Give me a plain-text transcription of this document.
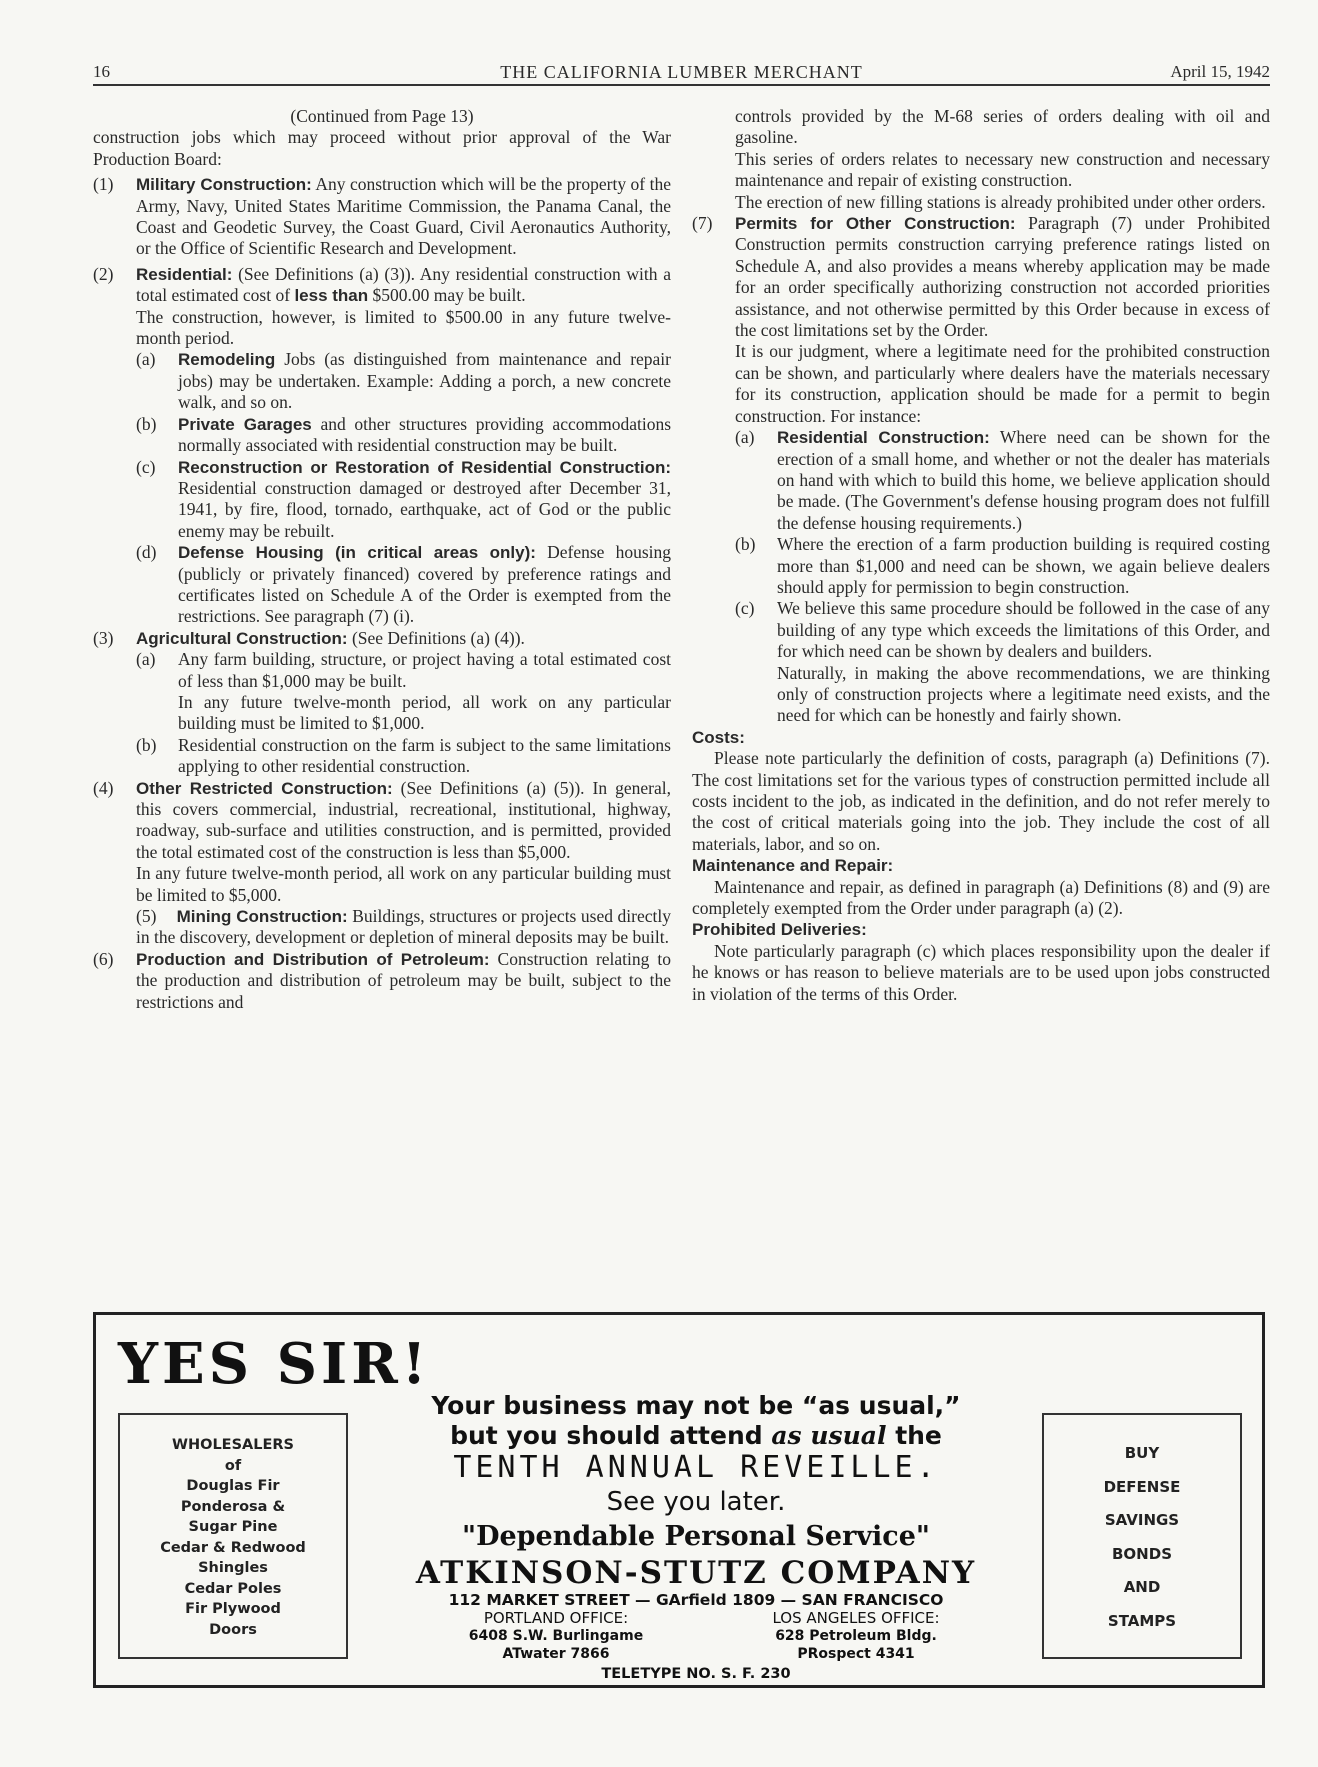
16	THE CALIFORNIA LUMBER MERCHANT	April 15, 1942

(Continued from Page 13)

construction jobs which may proceed without prior approval of the War Production Board:

(1) Military Construction: Any construction which will be the property of the Army, Navy, United States Maritime Commission, the Panama Canal, the Coast and Geodetic Survey, the Coast Guard, Civil Aeronautics Authority, or the Office of Scientific Research and Development.

(2) Residential: (See Definitions (a) (3)). Any residential construction with a total estimated cost of less than $500.00 may be built.

The construction, however, is limited to $500.00 in any future twelve-month period.

(a) Remodeling Jobs (as distinguished from maintenance and repair jobs) may be undertaken. Example: Adding a porch, a new concrete walk, and so on.
(b) Private Garages and other structures providing accommodations normally associated with residential construction may be built.
(c) Reconstruction or Restoration of Residential Construction: Residential construction damaged or destroyed after December 31, 1941, by fire, flood, tornado, earthquake, act of God or the public enemy may be rebuilt.
(d) Defense Housing (in critical areas only): Defense housing (publicly or privately financed) covered by preference ratings and certificates listed on Schedule A of the Order is exempted from the restrictions. See paragraph (7) (i).
(3) Agricultural Construction: (See Definitions (a) (4)).
(a) Any farm building, structure, or project having a total estimated cost of less than $1,000 may be built.

In any future twelve-month period, all work on any particular building must be limited to $1,000.

(b) Residential construction on the farm is subject to the same limitations applying to other residential construction.
(4) Other Restricted Construction: (See Definitions (a) (5)). In general, this covers commercial, industrial, recreational, institutional, highway, roadway, sub-surface and utilities construction, and is permitted, provided the total estimated cost of the construction is less than $5,000.

In any future twelve-month period, all work on any particular building must be limited to $5,000.

(5) Mining Construction: Buildings, structures or projects used directly in the discovery, development or depletion of mineral deposits may be built.
(6) Production and Distribution of Petroleum: Construction relating to the production and distribution of petroleum may be built, subject to the restrictions and

controls provided by the M-68 series of orders dealing with oil and gasoline.

This series of orders relates to necessary new construction and necessary maintenance and repair of existing construction.

The erection of new filling stations is already prohibited under other orders.

(7) Permits for Other Construction: Paragraph (7) under Prohibited Construction permits construction carrying preference ratings listed on Schedule A, and also provides a means whereby application may be made for an order specifically authorizing construction not accorded priorities assistance, and not otherwise permitted by this Order because in excess of the cost limitations set by the Order.

It is our judgment, where a legitimate need for the prohibited construction can be shown, and particularly where dealers have the materials necessary for its construction, application should be made for a permit to begin construction. For instance:

(a) Residential Construction: Where need can be shown for the erection of a small home, and whether or not the dealer has materials on hand with which to build this home, we believe application should be made. (The Government's defense housing program does not fulfill the defense housing requirements.)
(b) Where the erection of a farm production building is required costing more than $1,000 and need can be shown, we again believe dealers should apply for permission to begin construction.
(c) We believe this same procedure should be followed in the case of any building of any type which exceeds the limitations of this Order, and for which need can be shown by dealers and builders.

Naturally, in making the above recommendations, we are thinking only of construction projects where a legitimate need exists, and the need for which can be honestly and fairly shown.

Costs:

Please note particularly the definition of costs, paragraph (a) Definitions (7). The cost limitations set for the various types of construction permitted include all costs incident to the job, as indicated in the definition, and do not refer merely to the cost of critical materials going into the job. They include the cost of all materials, labor, and so on.

Maintenance and Repair:

Maintenance and repair, as defined in paragraph (a) Definitions (8) and (9) are completely exempted from the Order under paragraph (a) (2).

Prohibited Deliveries:

Note particularly paragraph (c) which places responsibility upon the dealer if he knows or has reason to believe materials are to be used upon jobs constructed in violation of the terms of this Order.

YES SIR!
WHOLESALERS
of
Douglas Fir
Ponderosa &
Sugar Pine
Cedar & Redwood
Shingles
Cedar Poles
Fir Plywood
Doors
BUY
DEFENSE
SAVINGS
BONDS
AND
STAMPS
Your business may not be “as usual,”
but you should attend as usual the
TENTH ANNUAL REVEILLE.
See you later.
"Dependable Personal Service"
ATKINSON-STUTZ COMPANY
112 MARKET STREET — GArfield 1809 — SAN FRANCISCO
PORTLAND OFFICE:
6408 S.W. Burlingame
ATwater 7866
LOS ANGELES OFFICE:
628 Petroleum Bldg.
PRospect 4341
TELETYPE NO. S. F. 230
